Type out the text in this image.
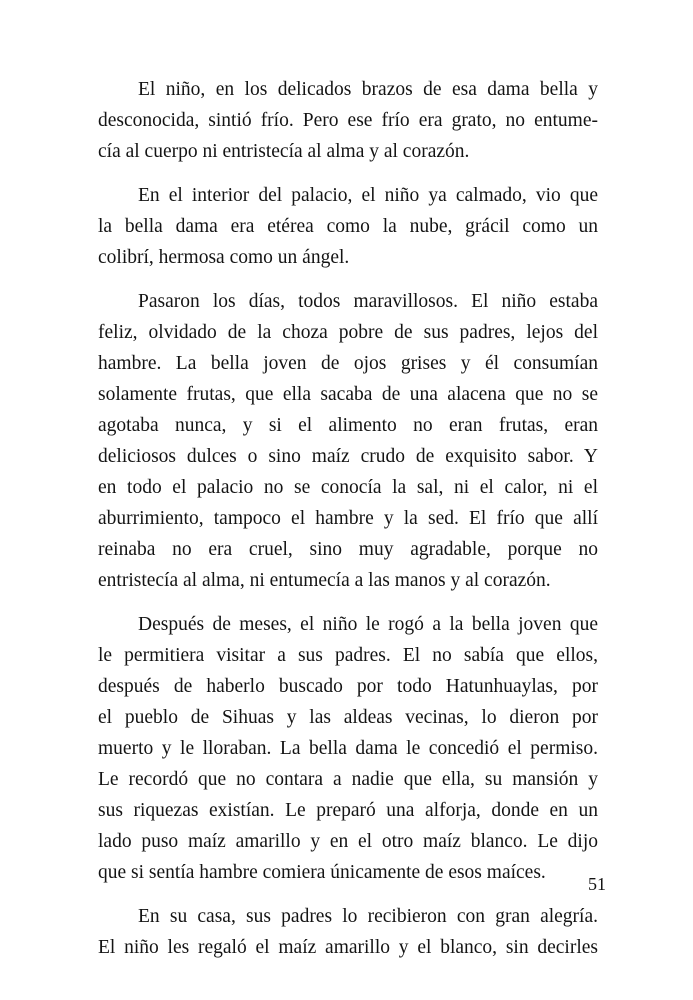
El niño, en los delicados brazos de esa dama bella y
desconocida, sintió frío. Pero ese frío era grato, no entume-
cía al cuerpo ni entristecía al alma y al corazón.
En el interior del palacio, el niño ya calmado, vio que
la bella dama era etérea como la nube, grácil como un
colibrí, hermosa como un ángel.
Pasaron los días, todos maravillosos. El niño estaba
feliz, olvidado de la choza pobre de sus padres, lejos del
hambre. La bella joven de ojos grises y él consumían
solamente frutas, que ella sacaba de una alacena que no se
agotaba nunca, y si el alimento no eran frutas, eran
deliciosos dulces o sino maíz crudo de exquisito sabor. Y
en todo el palacio no se conocía la sal, ni el calor, ni el
aburrimiento, tampoco el hambre y la sed. El frío que allí
reinaba no era cruel, sino muy agradable, porque no
entristecía al alma, ni entumecía a las manos y al corazón.
Después de meses, el niño le rogó a la bella joven que
le permitiera visitar a sus padres. El no sabía que ellos,
después de haberlo buscado por todo Hatunhuaylas, por
el pueblo de Sihuas y las aldeas vecinas, lo dieron por
muerto y le lloraban. La bella dama le concedió el permiso.
Le recordó que no contara a nadie que ella, su mansión y
sus riquezas existían. Le preparó una alforja, donde en un
lado puso maíz amarillo y en el otro maíz blanco. Le dijo
que si sentía hambre comiera únicamente de esos maíces.
En su casa, sus padres lo recibieron con gran alegría.
El niño les regaló el maíz amarillo y el blanco, sin decirles
51
